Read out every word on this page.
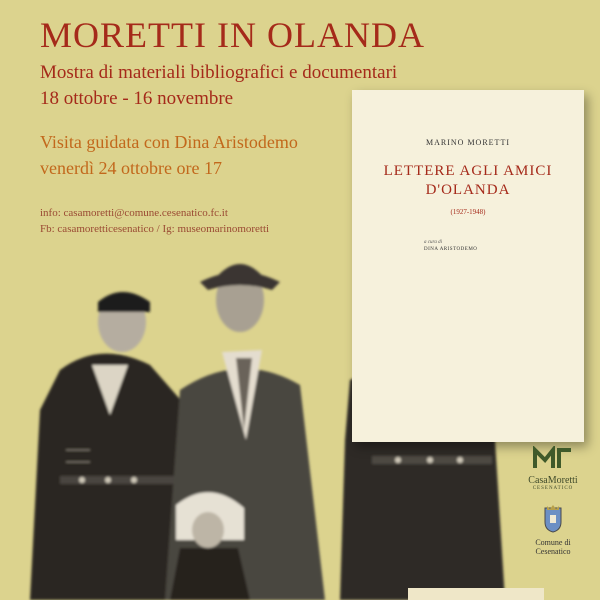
MORETTI IN OLANDA
Mostra di materiali bibliografici e documentari
18 ottobre - 16 novembre
Visita guidata con Dina Aristodemo
venerdì 24 ottobre ore 17
info: casamoretti@comune.cesenatico.fc.it
Fb: casamoretticesenatico / Ig: museomarinomoretti
MARINO MORETTI
LETTERE AGLI AMICI
D'OLANDA
(1927-1948)
a cura di
DINA ARISTODEMO
CasaMoretti
CESENATICO
Comune di
Cesenatico
